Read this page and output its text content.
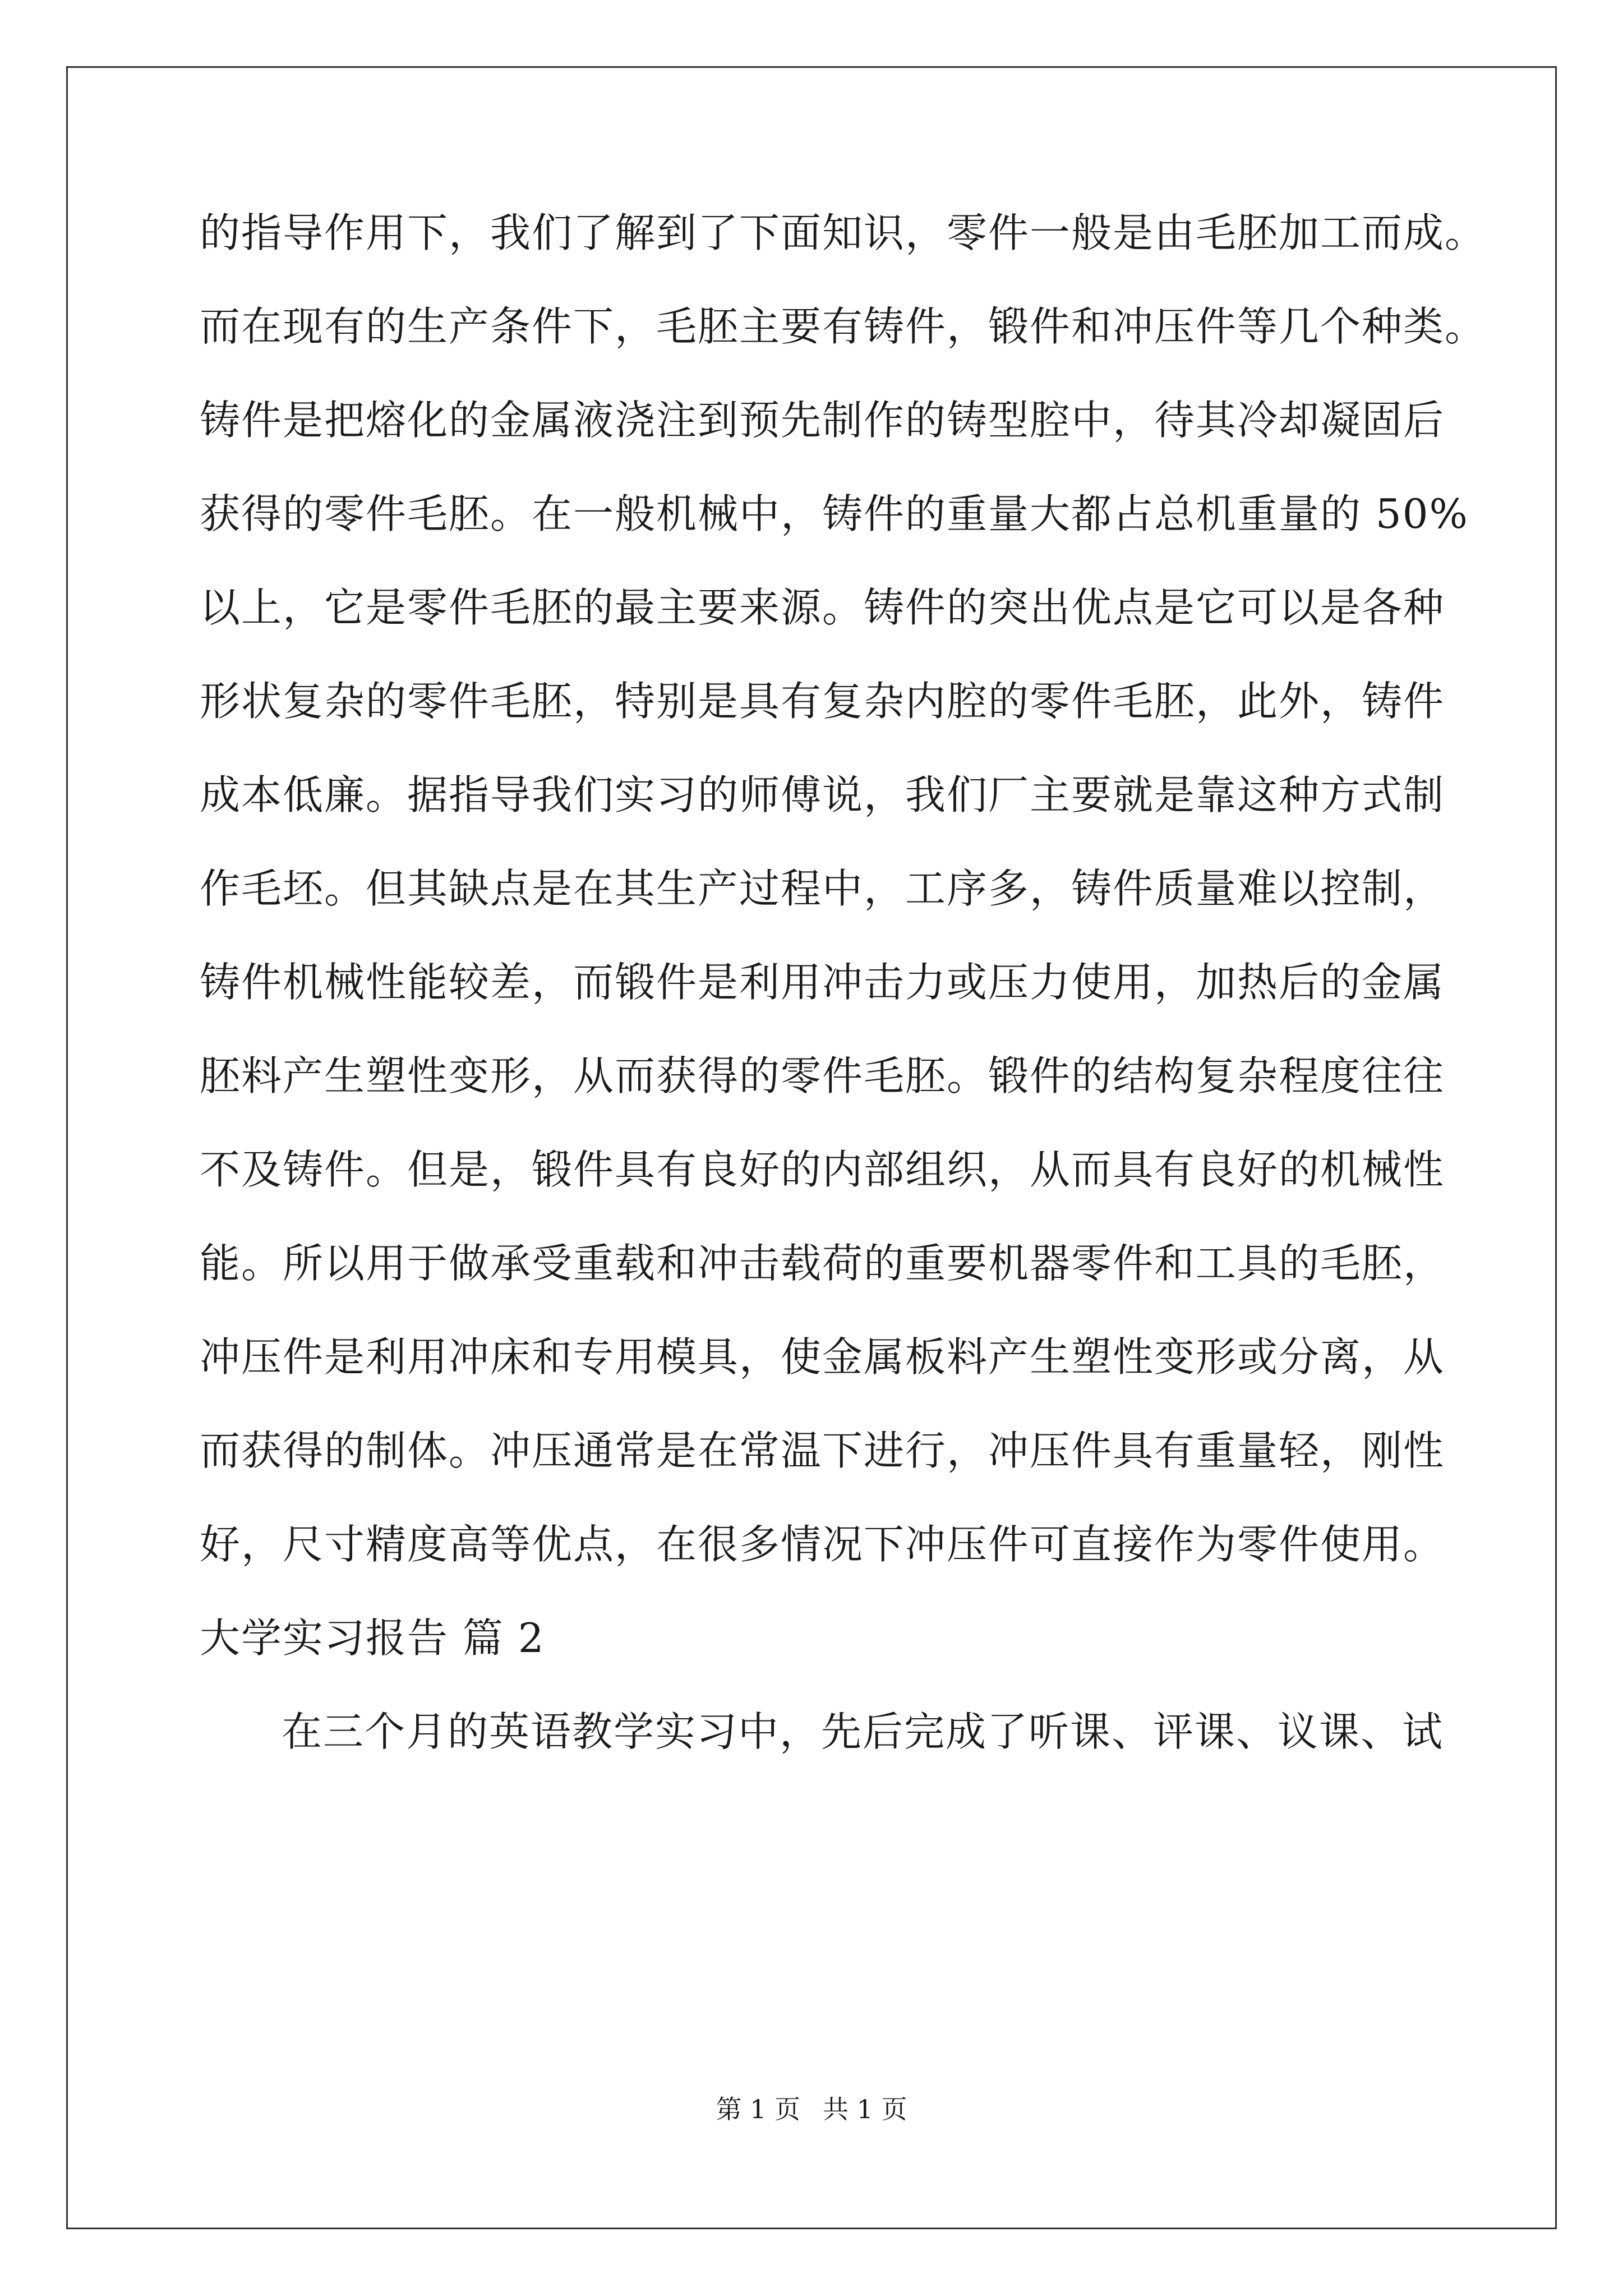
的指导作用下，我们了解到了下面知识，零件一般是由毛胚加工而成。
而在现有的生产条件下，毛胚主要有铸件，锻件和冲压件等几个种类。
铸件是把熔化的金属液浇注到预先制作的铸型腔中，待其冷却凝固后
获得的零件毛胚。在一般机械中，铸件的重量大都占总机重量的 50%
以上，它是零件毛胚的最主要来源。铸件的突出优点是它可以是各种
形状复杂的零件毛胚，特别是具有复杂内腔的零件毛胚，此外，铸件
成本低廉。据指导我们实习的师傅说，我们厂主要就是靠这种方式制
作毛坯。但其缺点是在其生产过程中，工序多，铸件质量难以控制，
铸件机械性能较差，而锻件是利用冲击力或压力使用，加热后的金属
胚料产生塑性变形，从而获得的零件毛胚。锻件的结构复杂程度往往
不及铸件。但是，锻件具有良好的内部组织，从而具有良好的机械性
能。所以用于做承受重载和冲击载荷的重要机器零件和工具的毛胚，
冲压件是利用冲床和专用模具，使金属板料产生塑性变形或分离，从
而获得的制体。冲压通常是在常温下进行，冲压件具有重量轻，刚性
好，尺寸精度高等优点，在很多情况下冲压件可直接作为零件使用。
大学实习报告 篇 2
在三个月的英语教学实习中，先后完成了听课、评课、议课、试
第 1 页 共 1 页
